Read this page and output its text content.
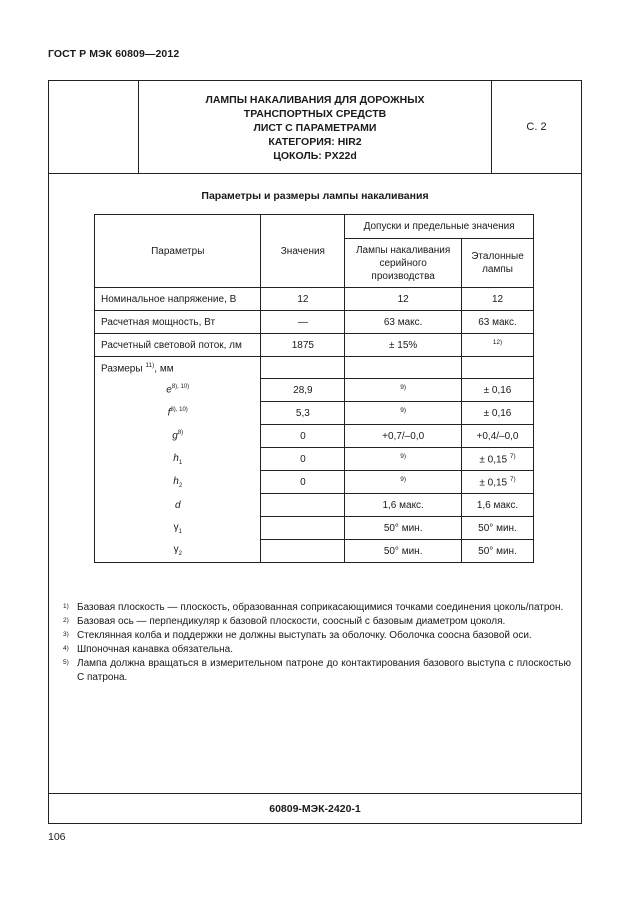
ГОСТ Р МЭК 60809—2012
ЛАМПЫ НАКАЛИВАНИЯ ДЛЯ ДОРОЖНЫХ
ТРАНСПОРТНЫХ СРЕДСТВ
ЛИСТ С ПАРАМЕТРАМИ
КАТЕГОРИЯ: HIR2
ЦОКОЛЬ: PX22d
С. 2
Параметры и размеры лампы накаливания
Параметры	Значения	Допуски и предельные значения	
		Лампы накаливания серийного производства	Эталонные лампы
Номинальное напряжение, В	12	12	12
Расчетная мощность, Вт	—	63 макс.	63 макс.
Расчетный световой поток, лм	1875	± 15%	$^{12)}$
Размеры $^{11)}$, мм			
$e^{8), 10)}$	28,9	$^{9)}$	± 0,16
$f^{8), 10)}$	5,3	$^{9)}$	± 0,16
$g^{8)}$	0	+0,7/–0,0	+0,4/–0,0
$h_1$	0	$^{9)}$	± 0,15 $^{7)}$
$h_2$	0	$^{9)}$	± 0,15 $^{7)}$
d		1,6 макс.	1,6 макс.
$\gamma_1$		50° мин.	50° мин.
$\gamma_2$		50° мин.	50° мин.
1) Базовая плоскость — плоскость, образованная соприкасающимися точками соединения цоколь/патрон.
2) Базовая ось — перпендикуляр к базовой плоскости, соосный с базовым диаметром цоколя.
3) Стеклянная колба и поддержки не должны выступать за оболочку. Оболочка соосна базовой оси.
4) Шпоночная канавка обязательна.
5) Лампа должна вращаться в измерительном патроне до контактирования базового выступа с плоскостью С патрона.
60809-МЭК-2420-1
106
